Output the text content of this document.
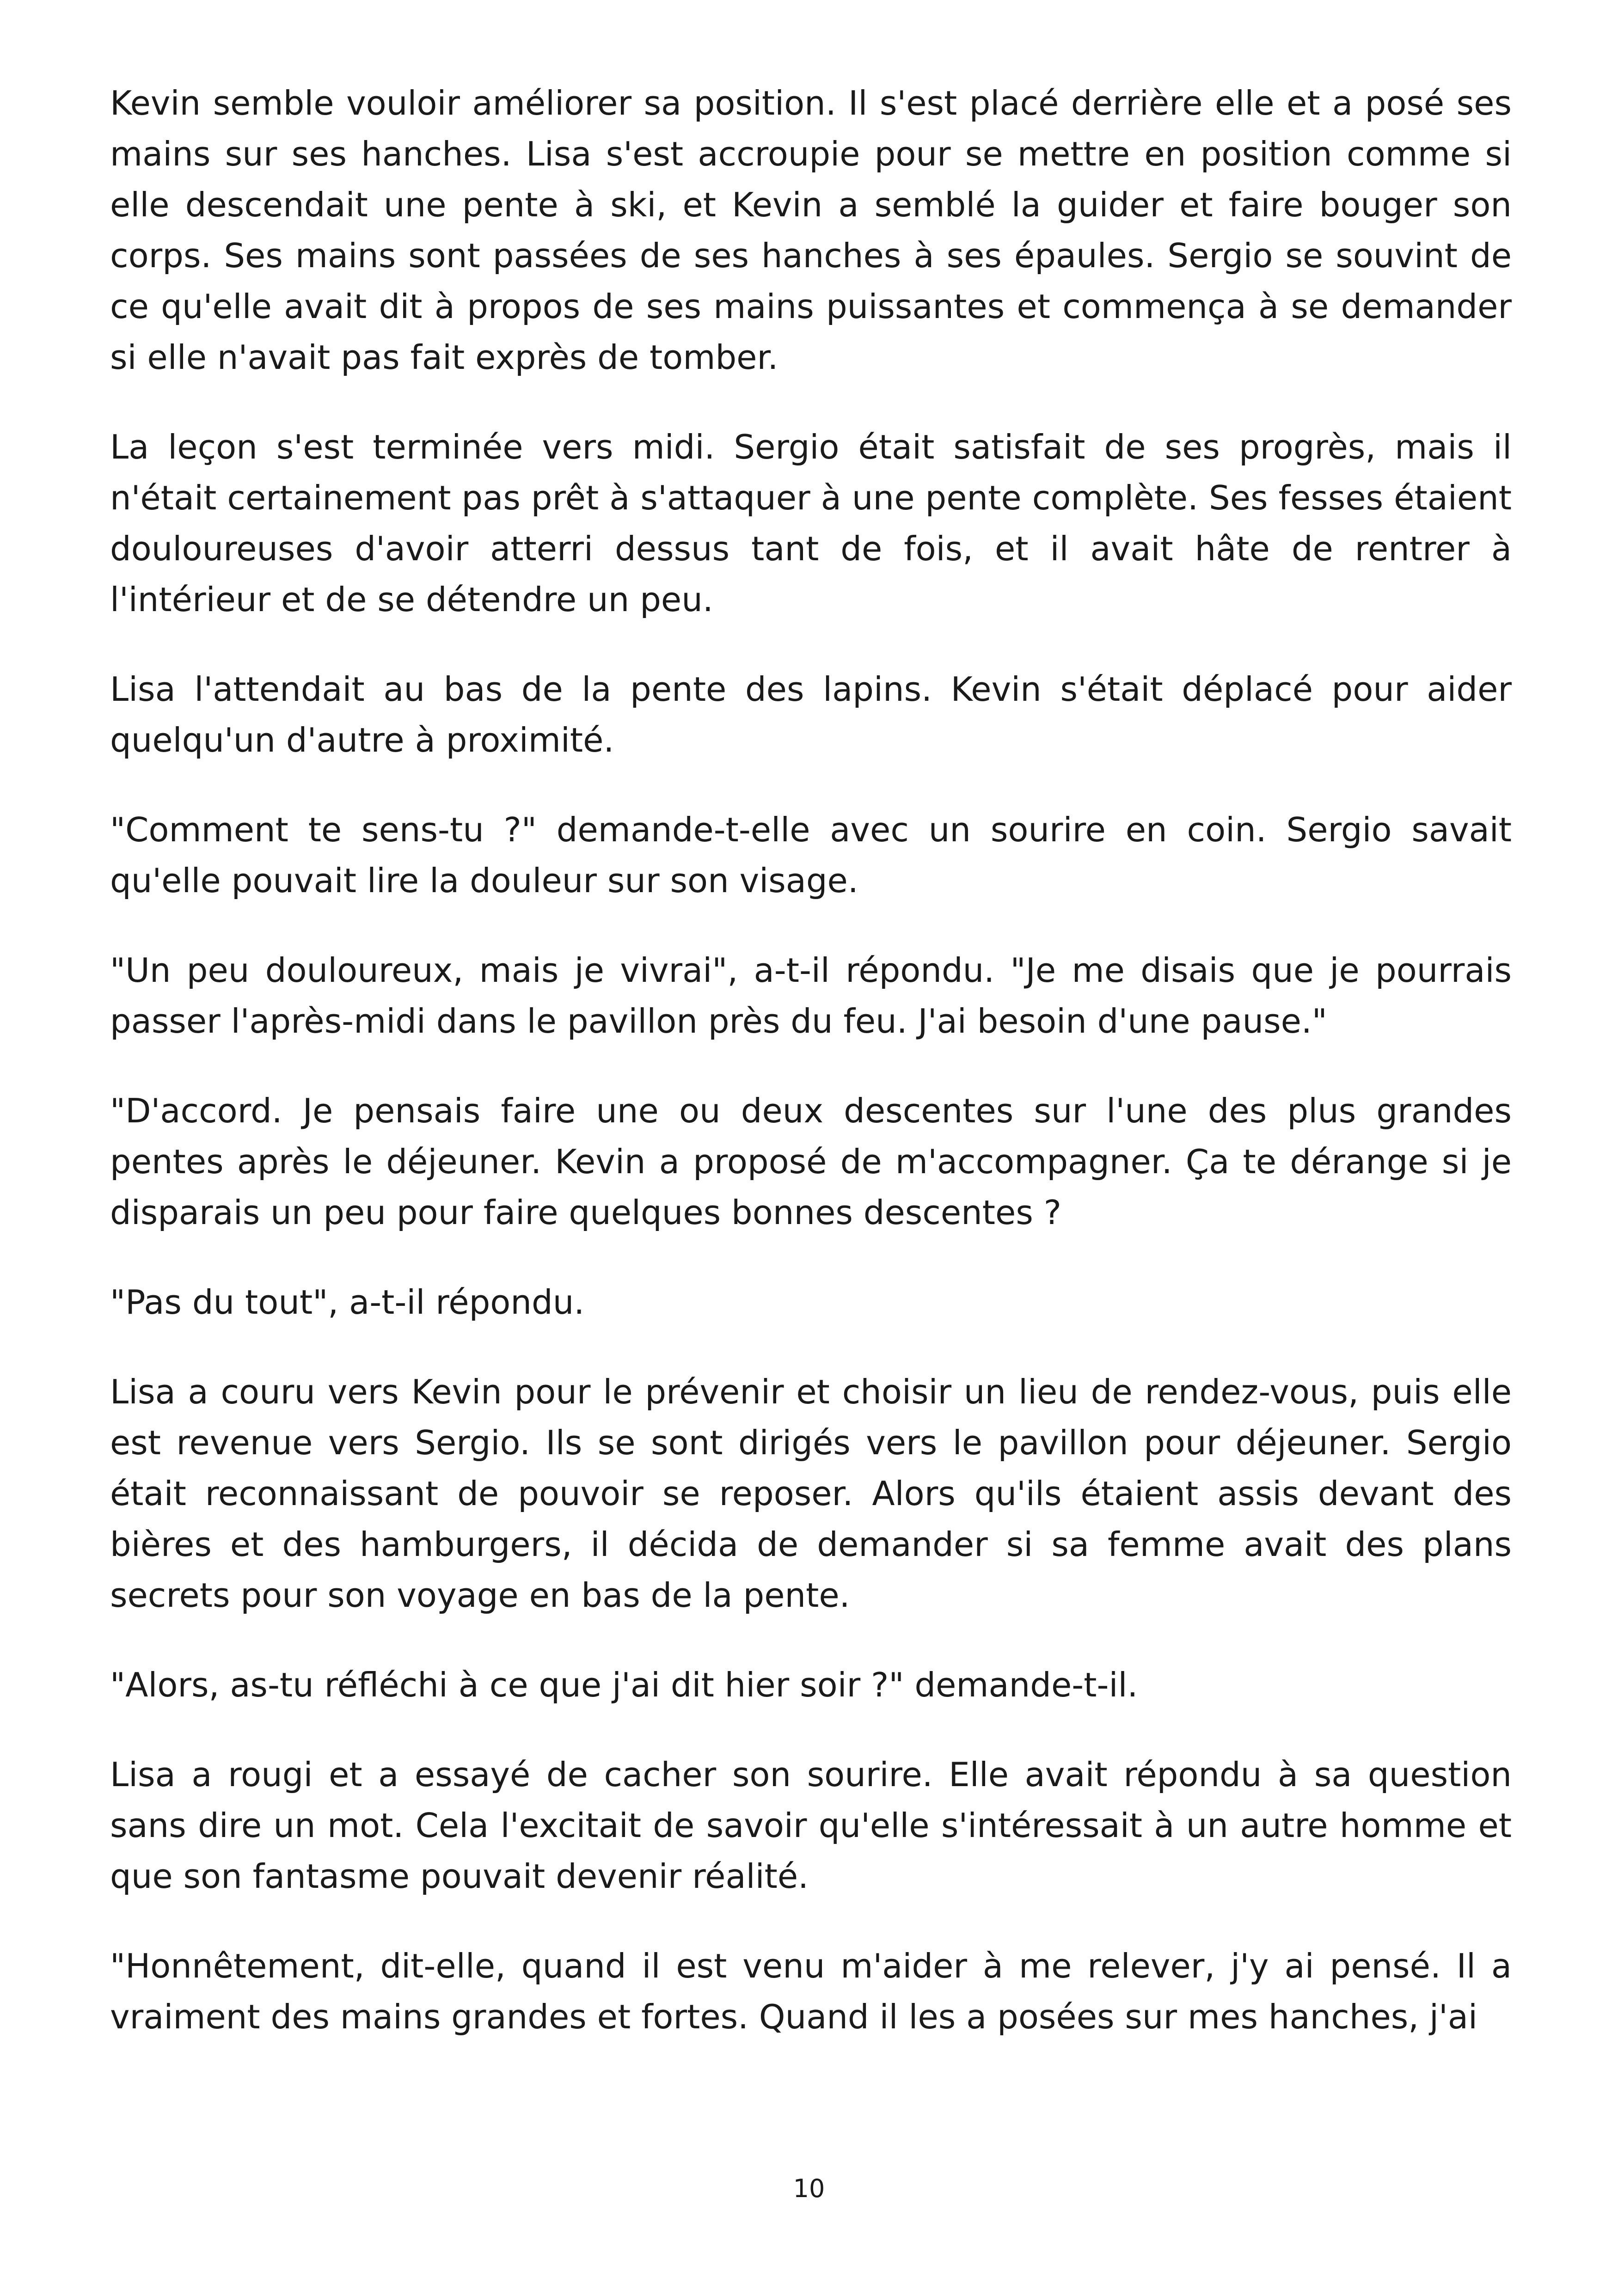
Kevin semble vouloir améliorer sa position. Il s'est placé derrière elle et a posé ses mains sur ses hanches. Lisa s'est accroupie pour se mettre en position comme si elle descendait une pente à ski, et Kevin a semblé la guider et faire bouger son corps. Ses mains sont passées de ses hanches à ses épaules. Sergio se souvint de ce qu'elle avait dit à propos de ses mains puissantes et commença à se demander si elle n'avait pas fait exprès de tomber.

La leçon s'est terminée vers midi. Sergio était satisfait de ses progrès, mais il n'était certainement pas prêt à s'attaquer à une pente complète. Ses fesses étaient douloureuses d'avoir atterri dessus tant de fois, et il avait hâte de rentrer à l'intérieur et de se détendre un peu.

Lisa l'attendait au bas de la pente des lapins. Kevin s'était déplacé pour aider quelqu'un d'autre à proximité.

"Comment te sens-tu ?" demande-t-elle avec un sourire en coin. Sergio savait qu'elle pouvait lire la douleur sur son visage.

"Un peu douloureux, mais je vivrai", a-t-il répondu. "Je me disais que je pourrais passer l'après-midi dans le pavillon près du feu. J'ai besoin d'une pause."

"D'accord. Je pensais faire une ou deux descentes sur l'une des plus grandes pentes après le déjeuner. Kevin a proposé de m'accompagner. Ça te dérange si je disparais un peu pour faire quelques bonnes descentes ?

"Pas du tout", a-t-il répondu.

Lisa a couru vers Kevin pour le prévenir et choisir un lieu de rendez-vous, puis elle est revenue vers Sergio. Ils se sont dirigés vers le pavillon pour déjeuner. Sergio était reconnaissant de pouvoir se reposer. Alors qu'ils étaient assis devant des bières et des hamburgers, il décida de demander si sa femme avait des plans secrets pour son voyage en bas de la pente.

"Alors, as-tu réfléchi à ce que j'ai dit hier soir ?" demande-t-il.

Lisa a rougi et a essayé de cacher son sourire. Elle avait répondu à sa question sans dire un mot. Cela l'excitait de savoir qu'elle s'intéressait à un autre homme et que son fantasme pouvait devenir réalité.

"Honnêtement, dit-elle, quand il est venu m'aider à me relever, j'y ai pensé. Il a vraiment des mains grandes et fortes. Quand il les a posées sur mes hanches, j'ai

10
